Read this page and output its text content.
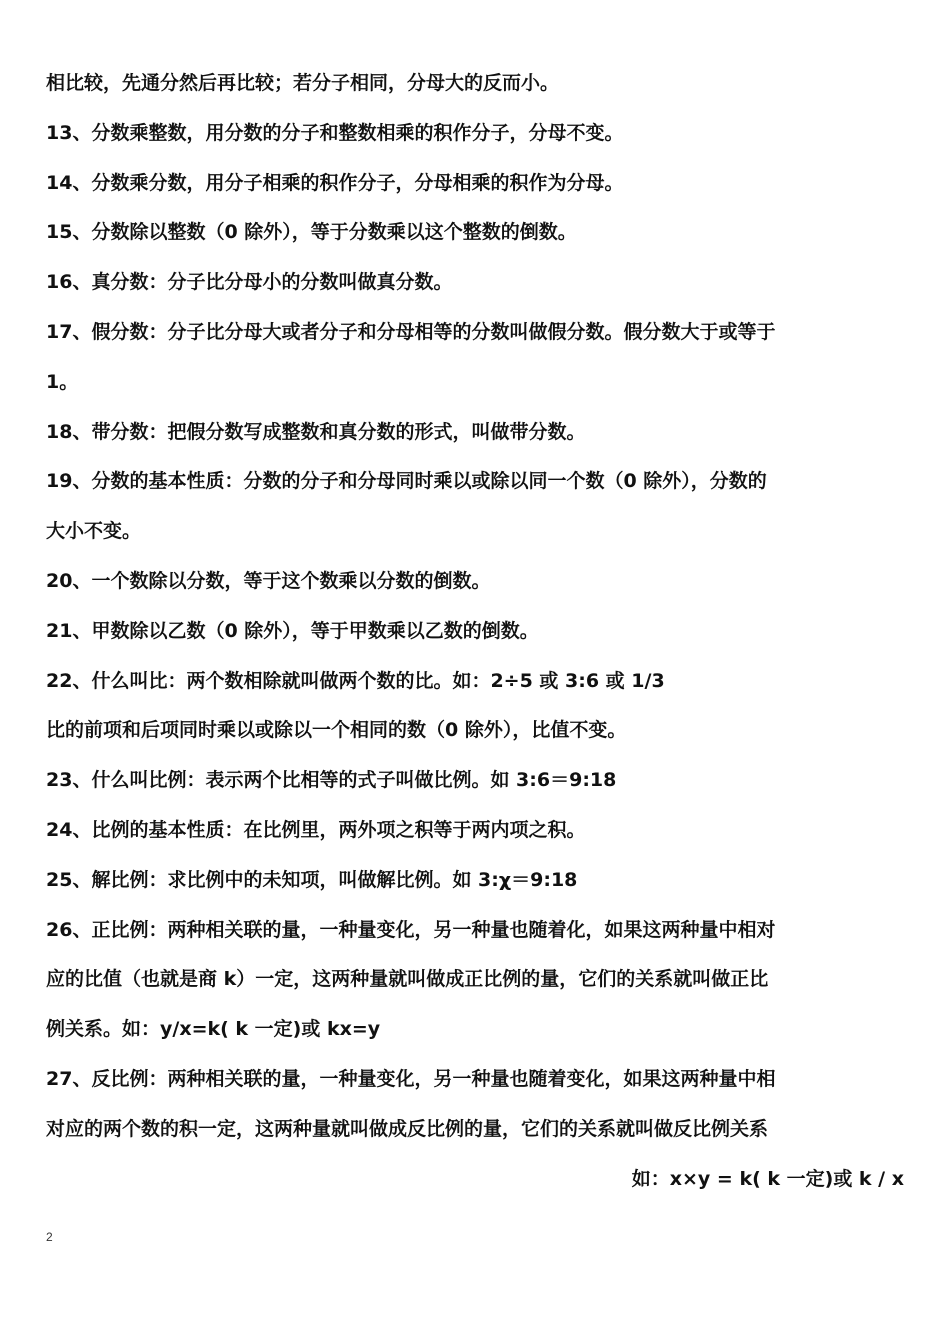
相比较，先通分然后再比较；若分子相同，分母大的反而小。
13、分数乘整数，用分数的分子和整数相乘的积作分子，分母不变。
14、分数乘分数，用分子相乘的积作分子，分母相乘的积作为分母。
15、分数除以整数（0 除外），等于分数乘以这个整数的倒数。
16、真分数：分子比分母小的分数叫做真分数。
17、假分数：分子比分母大或者分子和分母相等的分数叫做假分数。假分数大于或等于
1。
18、带分数：把假分数写成整数和真分数的形式，叫做带分数。
19、分数的基本性质：分数的分子和分母同时乘以或除以同一个数（0 除外），分数的
大小不变。
20、一个数除以分数，等于这个数乘以分数的倒数。
21、甲数除以乙数（0 除外），等于甲数乘以乙数的倒数。
22、什么叫比：两个数相除就叫做两个数的比。如：2÷5 或 3:6 或 1/3
比的前项和后项同时乘以或除以一个相同的数（0 除外），比值不变。
23、什么叫比例：表示两个比相等的式子叫做比例。如 3:6＝9:18
24、比例的基本性质：在比例里，两外项之积等于两内项之积。
25、解比例：求比例中的未知项，叫做解比例。如 3:χ＝9:18
26、正比例：两种相关联的量，一种量变化，另一种量也随着化，如果这两种量中相对
应的比值（也就是商 k）一定，这两种量就叫做成正比例的量，它们的关系就叫做正比
例关系。如：y/x=k( k 一定)或 kx=y
27、反比例：两种相关联的量，一种量变化，另一种量也随着变化，如果这两种量中相
对应的两个数的积一定，这两种量就叫做成反比例的量，它们的关系就叫做反比例关系
如：x×y = k( k 一定)或 k / x
2
